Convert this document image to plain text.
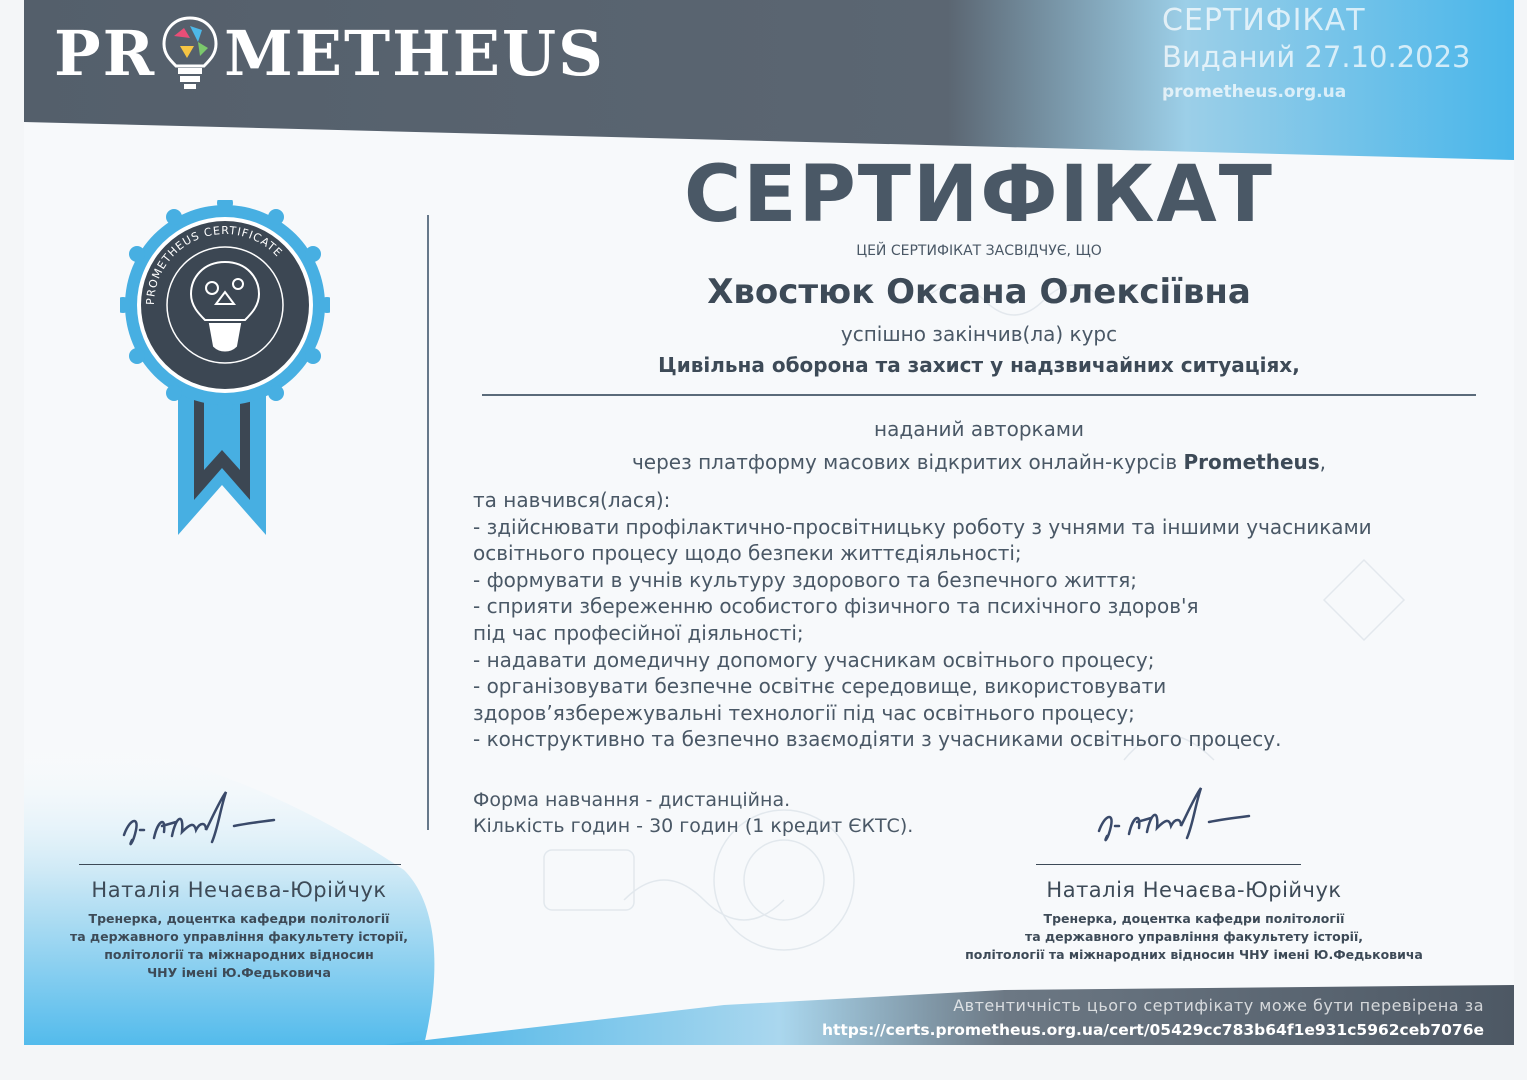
PR METHEUS	СЕРТИФІКАТ
Виданий 27.10.2023
prometheus.org.ua
PROMETHEUS CERTIFICATE
СЕРТИФІКАТ
ЦЕЙ СЕРТИФІКАТ ЗАСВІДЧУЄ, ЩО
Хвостюк Оксана Олексіївна
успішно закінчив(ла) курс
Цивільна оборона та захист у надзвичайних ситуаціях,
наданий авторками
через платформу масових відкритих онлайн-курсів Prometheus,
та навчився(лася):
- здійснювати профілактично-просвітницьку роботу з учнями та іншими учасниками
освітнього процесу щодо безпеки життєдіяльності;
- формувати в учнів культуру здорового та безпечного життя;
- сприяти збереженню особистого фізичного та психічного здоров'я
під час професійної діяльності;
- надавати домедичну допомогу учасникам освітнього процесу;
- організовувати безпечне освітнє середовище, використовувати
здоров’язбережувальні технології під час освітнього процесу;
- конструктивно та безпечно взаємодіяти з учасниками освітнього процесу.
Форма навчання - дистанційна.
Кількість годин - 30 годин (1 кредит ЄКТС).
Наталія Нечаєва-Юрійчук
Тренерка, доцентка кафедри політології
та державного управління факультету історії,
політології та міжнародних відносин
ЧНУ імені Ю.Федьковича
Наталія Нечаєва-Юрійчук
Тренерка, доцентка кафедри політології
та державного управління факультету історії,
політології та міжнародних відносин ЧНУ імені Ю.Федьковича
Автентичність цього сертифікату може бути перевірена за
https://certs.prometheus.org.ua/cert/05429cc783b64f1e931c5962ceb7076e
